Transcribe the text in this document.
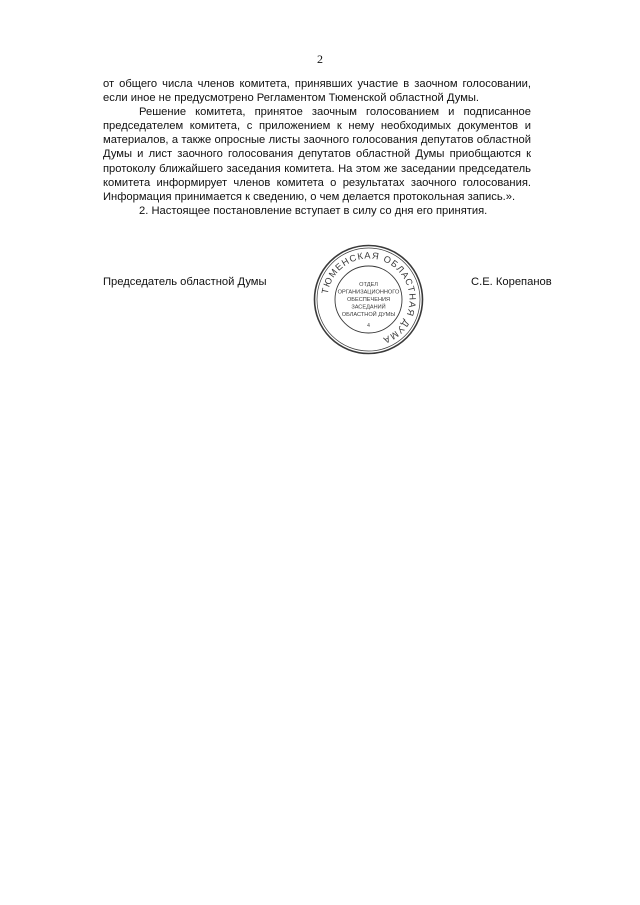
2

от общего числа членов комитета, принявших участие в заочном голосовании, если иное не предусмотрено Регламентом Тюменской областной Думы.

Решение комитета, принятое заочным голосованием и подписанное председателем комитета, с приложением к нему необходимых документов и материалов, а также опросные листы заочного голосования депутатов областной Думы и лист заочного голосования депутатов областной Думы приобщаются к протоколу ближайшего заседания комитета. На этом же заседании председатель комитета информирует членов комитета о результатах заочного голосования. Информация принимается к сведению, о чем делается протокольная запись.».

2. Настоящее постановление вступает в силу со дня его принятия.

Председатель областной Думы
ТЮМЕНСКАЯ ОБЛАСТНАЯ ДУМА
ОТДЕЛ
ОРГАНИЗАЦИОННОГО
ОБЕСПЕЧЕНИЯ
ЗАСЕДАНИЙ
ОБЛАСТНОЙ ДУМЫ
4
С.Е. Корепанов
